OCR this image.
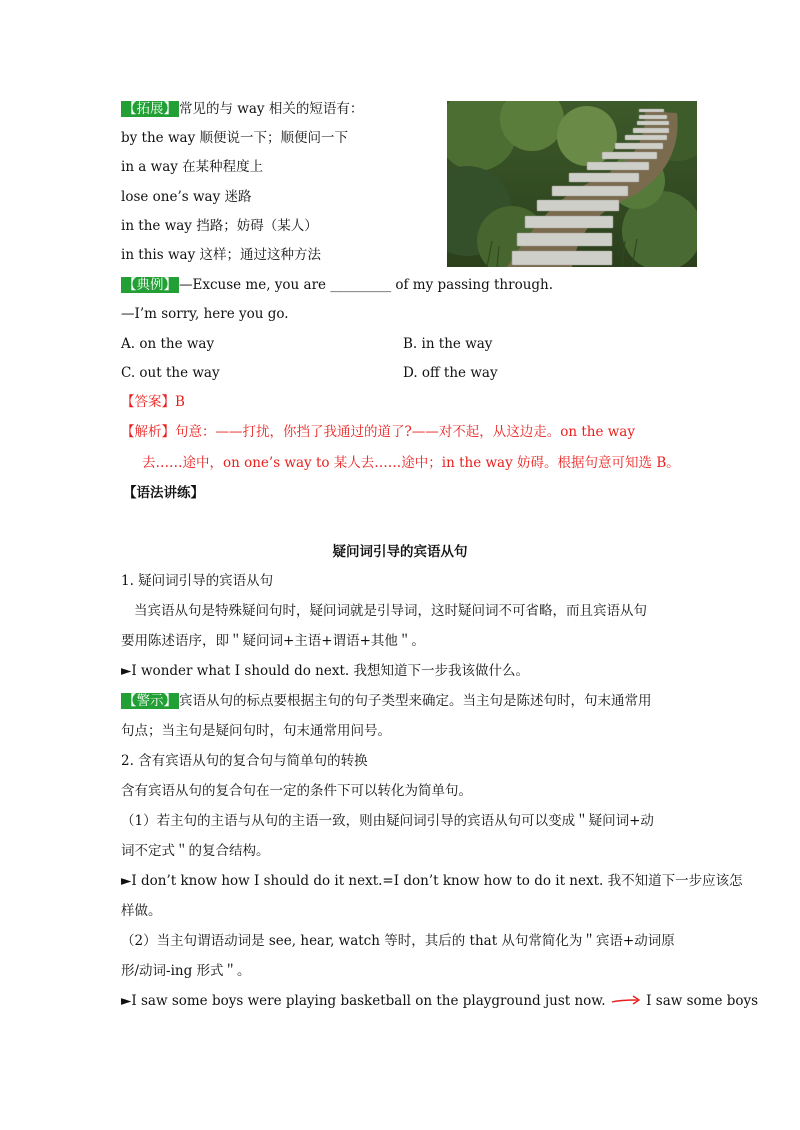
【拓展】 常见的与 way 相关的短语有：
by the way 顺便说一下；顺便问一下
in a way 在某种程度上
lose one’s way 迷路
in the way 挡路；妨碍（某人）
in this way 这样；通过这种方法
【典例】 —Excuse me, you are _________ of my passing through.
—I’m sorry, here you go.
A. on the way	B. in the way
C. out the way	D. off the way
【答案】B
【解析】句意：——打扰，你挡了我通过的道了?——对不起，从这边走。on the way
去……途中，on one’s way to 某人去……途中；in the way 妨碍。根据句意可知选 B。
【语法讲练】
疑问词引导的宾语从句
1. 疑问词引导的宾语从句
当宾语从句是特殊疑问句时，疑问词就是引导词，这时疑问词不可省略，而且宾语从句
要用陈述语序，即＂疑问词+主语+谓语+其他＂。
►I wonder what I should do next. 我想知道下一步我该做什么。
【警示】 宾语从句的标点要根据主句的句子类型来确定。当主句是陈述句时，句末通常用
句点；当主句是疑问句时，句末通常用问号。
2. 含有宾语从句的复合句与简单句的转换
含有宾语从句的复合句在一定的条件下可以转化为简单句。
（1）若主句的主语与从句的主语一致，则由疑问词引导的宾语从句可以变成＂疑问词+动
词不定式＂的复合结构。
►I don’t know how I should do it next.=I don’t know how to do it next. 我不知道下一步应该怎
样做。
（2）当主句谓语动词是 see, hear, watch 等时，其后的 that 从句常简化为＂宾语+动词原
形/动词-ing 形式＂。
►I saw some boys were playing basketball on the playground just now.	I saw some boys
